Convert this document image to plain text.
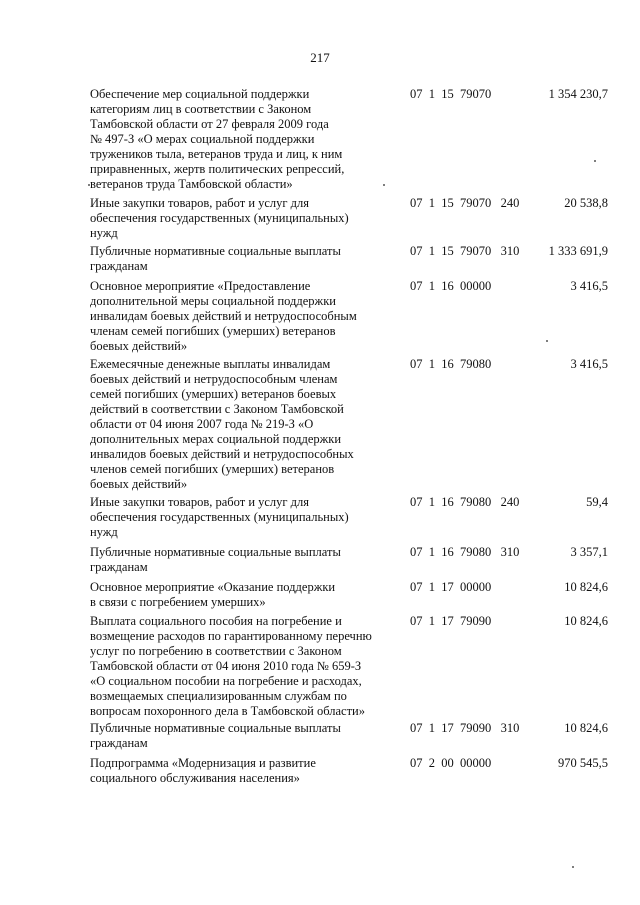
217
Обеспечение мер социальной поддержки
категориям лиц в соответствии с Законом
Тамбовской области от 27 февраля 2009 года
№ 497-З «О мерах социальной поддержки
тружеников тыла, ветеранов труда и лиц, к ним
приравненных, жертв политических репрессий,
ветеранов труда Тамбовской области»
07  1  15  79070	1 354 230,7
Иные закупки товаров, работ и услуг для
обеспечения государственных (муниципальных)
нужд
07  1  15  79070   240	20 538,8
Публичные нормативные социальные выплаты
гражданам
07  1  15  79070   310	1 333 691,9
Основное мероприятие «Предоставление
дополнительной меры социальной поддержки
инвалидам боевых действий и нетрудоспособным
членам семей погибших (умерших) ветеранов
боевых действий»
07  1  16  00000	3 416,5
Ежемесячные денежные выплаты инвалидам
боевых действий и нетрудоспособным членам
семей погибших (умерших) ветеранов боевых
действий в соответствии с Законом Тамбовской
области от 04 июня 2007 года № 219-З «О
дополнительных мерах социальной поддержки
инвалидов боевых действий и нетрудоспособных
членов семей погибших (умерших) ветеранов
боевых действий»
07  1  16  79080	3 416,5
Иные закупки товаров, работ и услуг для
обеспечения государственных (муниципальных)
нужд
07  1  16  79080   240	59,4
Публичные нормативные социальные выплаты
гражданам
07  1  16  79080   310	3 357,1
Основное мероприятие «Оказание поддержки
в связи с погребением умерших»
07  1  17  00000	10 824,6
Выплата социального пособия на погребение и
возмещение расходов по гарантированному перечню
услуг по погребению в соответствии с Законом
Тамбовской области от 04 июня 2010 года № 659-З
«О социальном пособии на погребение и расходах,
возмещаемых специализированным службам по
вопросам похоронного дела в Тамбовской области»
07  1  17  79090	10 824,6
Публичные нормативные социальные выплаты
гражданам
07  1  17  79090   310	10 824,6
Подпрограмма «Модернизация и развитие
социального обслуживания населения»
07  2  00  00000	970 545,5
